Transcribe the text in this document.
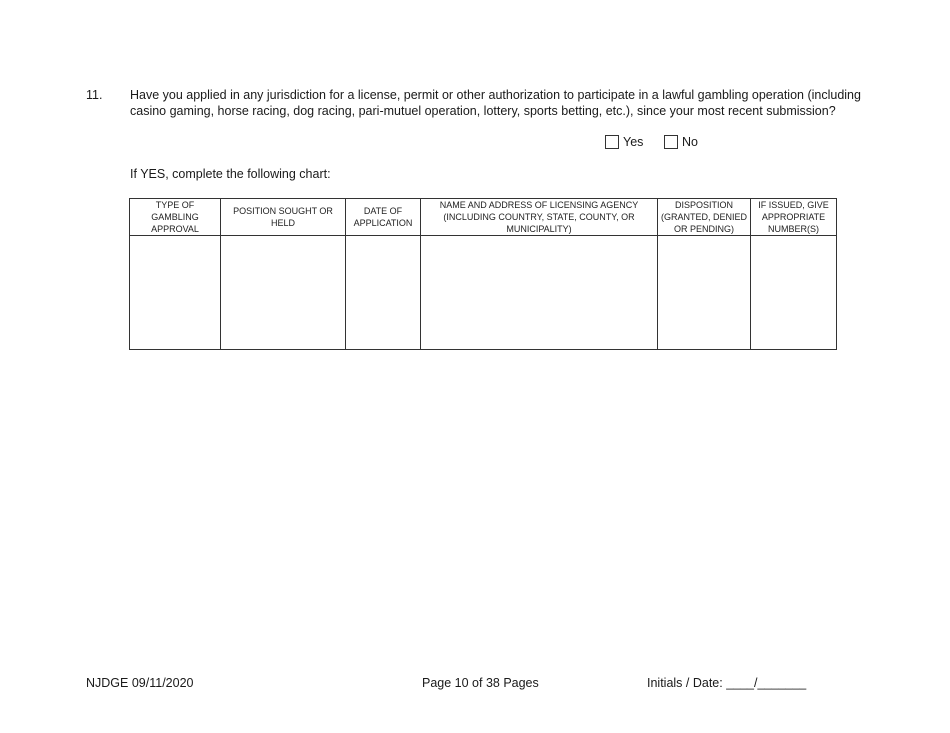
11. Have you applied in any jurisdiction for a license, permit or other authorization to participate in a lawful gambling operation (including casino gaming, horse racing, dog racing, pari-mutuel operation, lottery, sports betting, etc.), since your most recent submission?
Yes	No
If YES, complete the following chart:
TYPE OF GAMBLING APPROVAL	POSITION SOUGHT OR HELD	DATE OF APPLICATION	NAME AND ADDRESS OF LICENSING AGENCY (INCLUDING COUNTRY, STATE, COUNTY, OR MUNICIPALITY)	DISPOSITION (GRANTED, DENIED OR PENDING)	IF ISSUED, GIVE APPROPRIATE NUMBER(S)

NJDGE 09/11/2020	Page 10 of 38 Pages	Initials / Date: ____/_______
